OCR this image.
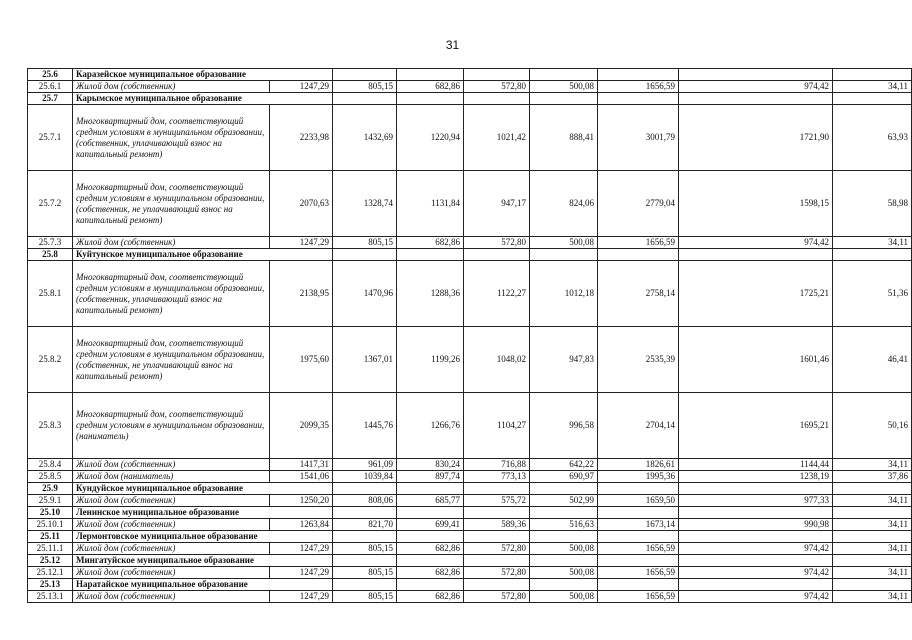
31
25.6	Каразейское муниципальное образование								
25.6.1	Жилой дом (собственник)	1247,29	805,15	682,86	572,80	500,08	1656,59	974,42	34,11
25.7	Карымское муниципальное образование								
25.7.1	Многоквартирный дом, соответствующий средним условиям в муниципальном образовании, (собственник, уплачивающий взнос на капитальный ремонт)	2233,98	1432,69	1220,94	1021,42	888,41	3001,79	1721,90	63,93
25.7.2	Многоквартирный дом, соответствующий средним условиям в муниципальном образовании, (собственник, не уплачивающий взнос на капитальный ремонт)	2070,63	1328,74	1131,84	947,17	824,06	2779,04	1598,15	58,98
25.7.3	Жилой дом (собственник)	1247,29	805,15	682,86	572,80	500,08	1656,59	974,42	34,11
25.8	Куйтунское муниципальное образование								
25.8.1	Многоквартирный дом, соответствующий средним условиям в муниципальном образовании, (собственник, уплачивающий взнос на капитальный ремонт)	2138,95	1470,96	1288,36	1122,27	1012,18	2758,14	1725,21	51,36
25.8.2	Многоквартирный дом, соответствующий средним условиям в муниципальном образовании, (собственник, не уплачивающий взнос на капитальный ремонт)	1975,60	1367,01	1199,26	1048,02	947,83	2535,39	1601,46	46,41
25.8.3	Многоквартирный дом, соответствующий средним условиям в муниципальном образовании, (наниматель)	2099,35	1445,76	1266,76	1104,27	996,58	2704,14	1695,21	50,16
25.8.4	Жилой дом (собственник)	1417,31	961,09	830,24	716,88	642,22	1826,61	1144,44	34,11
25.8.5	Жилой дом (наниматель)	1541,06	1039,84	897,74	773,13	690,97	1995,36	1238,19	37,86
25.9	Кундуйское муниципальное образование								
25.9.1	Жилой дом (собственник)	1250,20	808,06	685,77	575,72	502,99	1659,50	977,33	34,11
25.10	Ленинское муниципальное образование								
25.10.1	Жилой дом (собственник)	1263,84	821,70	699,41	589,36	516,63	1673,14	990,98	34,11
25.11	Лермонтовское муниципальное образование								
25.11.1	Жилой дом (собственник)	1247,29	805,15	682,86	572,80	500,08	1656,59	974,42	34,11
25.12	Мингатуйское муниципальное образование								
25.12.1	Жилой дом (собственник)	1247,29	805,15	682,86	572,80	500,08	1656,59	974,42	34,11
25.13	Наратайское муниципальное образование								
25.13.1	Жилой дом (собственник)	1247,29	805,15	682,86	572,80	500,08	1656,59	974,42	34,11
